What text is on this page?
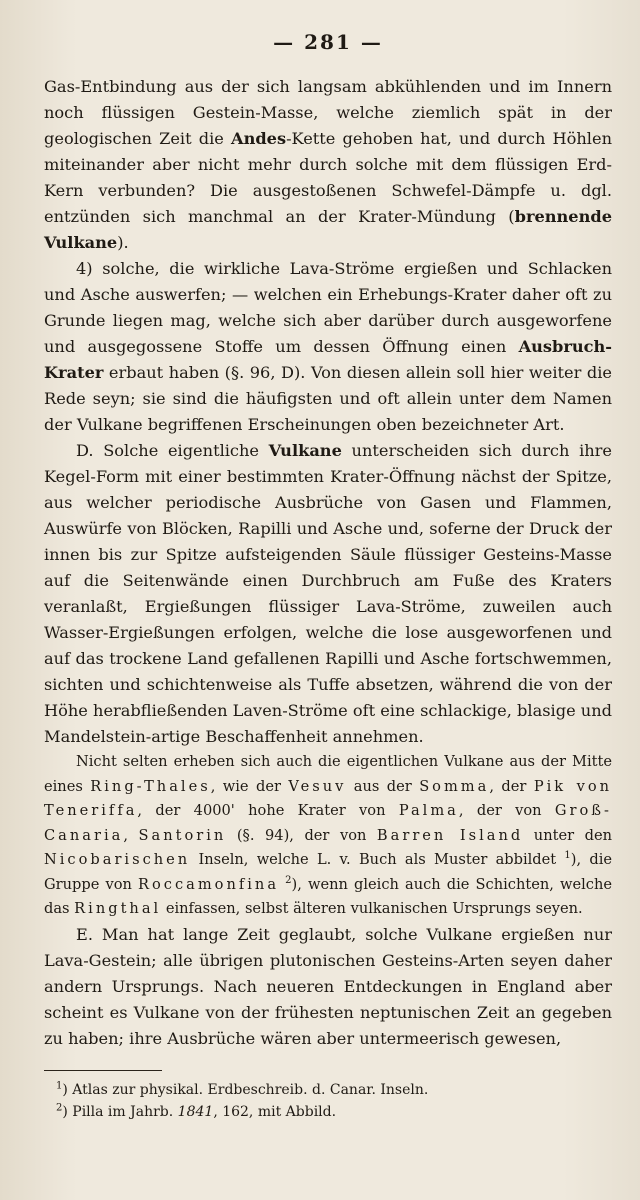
— 281 —

Gas-Entbindung aus der sich langsam abkühlenden und im Innern noch flüssigen Gestein-Masse, welche ziemlich spät in der geologischen Zeit die Andes-Kette gehoben hat, und durch Höhlen miteinander aber nicht mehr durch solche mit dem flüssigen Erd-Kern verbunden? Die ausgestoßenen Schwefel-Dämpfe u. dgl. entzünden sich manchmal an der Krater-Mündung (brennende Vulkane).

4) solche, die wirkliche Lava-Ströme ergießen und Schlacken und Asche auswerfen; — welchen ein Erhebungs-Krater daher oft zu Grunde liegen mag, welche sich aber darüber durch ausgeworfene und ausgegossene Stoffe um dessen Öffnung einen Ausbruch-Krater erbaut haben (§. 96, D). Von diesen allein soll hier weiter die Rede seyn; sie sind die häufigsten und oft allein unter dem Namen der Vulkane begriffenen Erscheinungen oben bezeichneter Art.

D. Solche eigentliche Vulkane unterscheiden sich durch ihre Kegel-Form mit einer bestimmten Krater-Öffnung nächst der Spitze, aus welcher periodische Ausbrüche von Gasen und Flammen, Auswürfe von Blöcken, Rapilli und Asche und, soferne der Druck der innen bis zur Spitze aufsteigenden Säule flüssiger Gesteins-Masse auf die Seitenwände einen Durchbruch am Fuße des Kraters veranlaßt, Ergießungen flüssiger Lava-Ströme, zuweilen auch Wasser-Ergießungen erfolgen, welche die lose ausgeworfenen und auf das trockene Land gefallenen Rapilli und Asche fortschwemmen, sichten und schichtenweise als Tuffe absetzen, während die von der Höhe herabfließenden Laven-Ströme oft eine schlackige, blasige und Mandelstein-artige Beschaffenheit annehmen.

Nicht selten erheben sich auch die eigentlichen Vulkane aus der Mitte eines Ring-Thales, wie der Vesuv aus der Somma, der Pik von Teneriffa, der 4000' hohe Krater von Palma, der von Groß-Canaria, Santorin (§. 94), der von Barren Island unter den Nicobarischen Inseln, welche L. v. Buch als Muster abbildet $^1$), die Gruppe von Roccamonfina $^2$), wenn gleich auch die Schichten, welche das Ringthal einfassen, selbst älteren vulkanischen Ursprungs seyen.

E. Man hat lange Zeit geglaubt, solche Vulkane ergießen nur Lava-Gestein; alle übrigen plutonischen Gesteins-Arten seyen daher andern Ursprungs. Nach neueren Entdeckungen in England aber scheint es Vulkane von der frühesten neptunischen Zeit an gegeben zu haben; ihre Ausbrüche wären aber untermeerisch gewesen,

$^1$) Atlas zur physikal. Erdbeschreib. d. Canar. Inseln.

$^2$) Pilla im Jahrb. 1841, 162, mit Abbild.
